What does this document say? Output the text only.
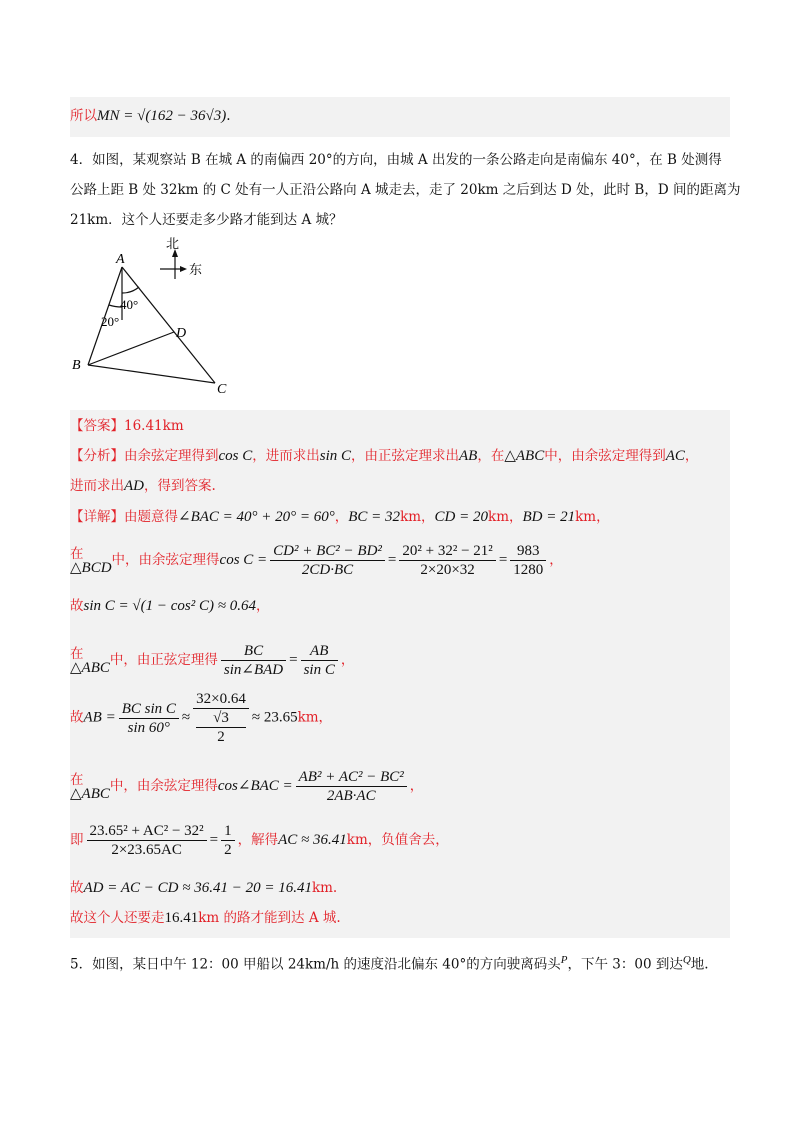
所以MN = √(162 − 36√3).
4．如图，某观察站 B 在城 A 的南偏西 20°的方向，由城 A 出发的一条公路走向是南偏东 40°，在 B 处测得
公路上距 B 处 32km 的 C 处有一人正沿公路向 A 城走去，走了 20km 之后到达 D 处，此时 B，D 间的距离为
21km．这个人还要走多少路才能到达 A 城？
A
B
C
D
40°
20°
北
东
【答案】16.41km
【分析】由余弦定理得到cos C，进而求出sin C，由正弦定理求出AB，在△ABC中，由余弦定理得到AC，
进而求出AD，得到答案.
【详解】由题意得∠BAC = 40° + 20° = 60°，BC = 32km，CD = 20km，BD = 21km，
在
△BCD 中，由余弦定理得$\cos C = \frac{\text{CD² + BC² − BD²}}{2CD\cdot BC} = \frac{\text{20² + 32² − 21²}}{2\times 20\times 32} = \frac{983}{1280}$ ，
故sin C = √(1 − cos² C) ≈ 0.64，
在
△ABC 中，由正弦定理得 $\frac{BC}{\text{sin∠BAD}} = \frac{AB}{\text{sin C}}$ ，
故AB = $\frac{\text{BC sin C}}{\sin 60^\circ} \approx 32\times 0.64$
√3
2 ≈ 23.65km，
在
△ABC 中，由余弦定理得cos∠BAC = $\frac{\text{AB² + AC² − BC²}}{2AB\cdot AC}$ ，
即 $\frac{\text{23.65² + AC² − 32²}}{2\times 23.65AC} = \frac{1}{2}$ ，解得AC ≈ 36.41km，负值舍去，
故AD = AC − CD ≈ 36.41 − 20 = 16.41km.
故这个人还要走16.41km 的路才能到达 A 城.
5．如图，某日中午 12：00 甲船以 24km/h 的速度沿北偏东 40°的方向驶离码头$^P$，下午 3：00 到达$^Q$地.
